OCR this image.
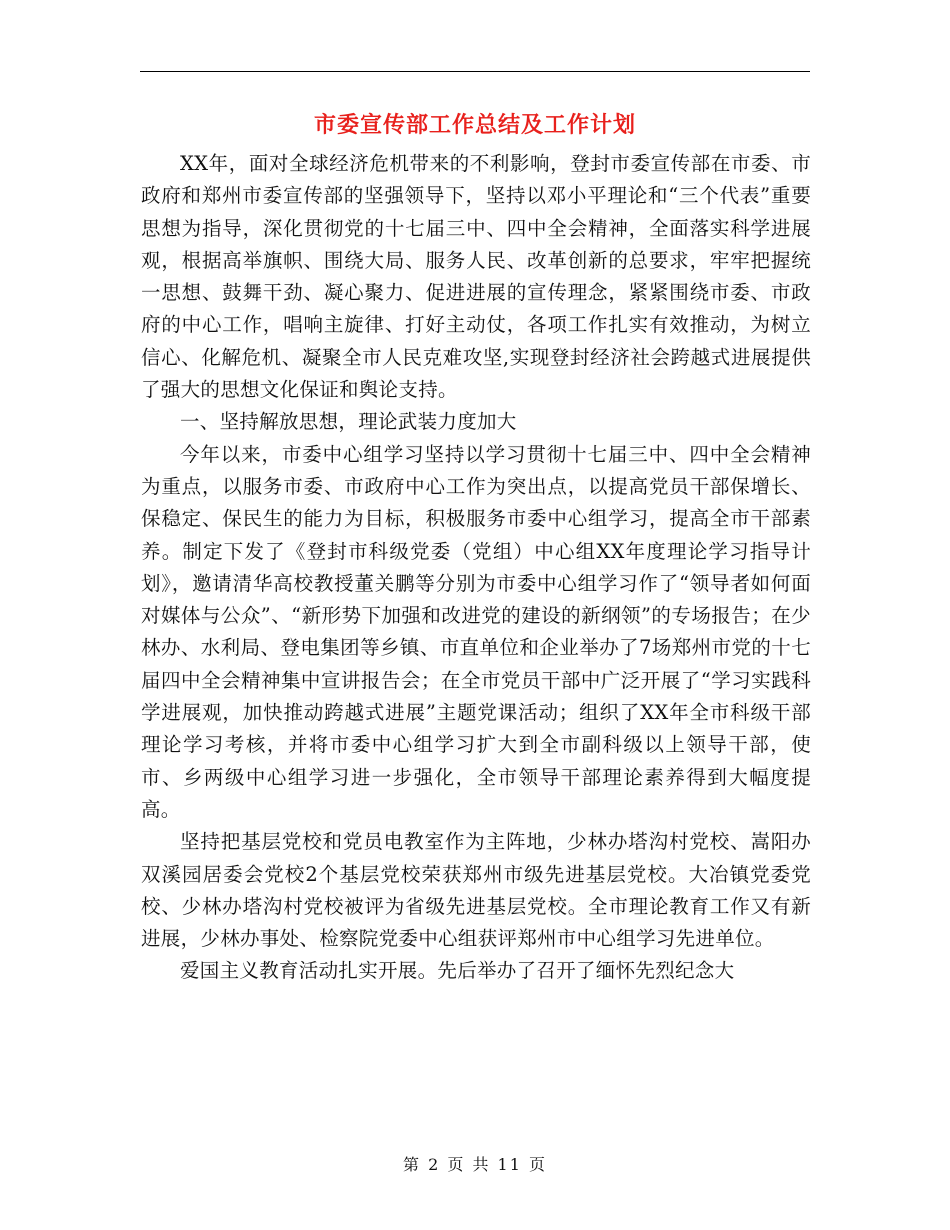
市委宣传部工作总结及工作计划

XX年，面对全球经济危机带来的不利影响，登封市委宣传部在市委、市政府和郑州市委宣传部的坚强领导下，坚持以邓小平理论和“三个代表”重要思想为指导，深化贯彻党的十七届三中、四中全会精神，全面落实科学进展观，根据高举旗帜、围绕大局、服务人民、改革创新的总要求，牢牢把握统一思想、鼓舞干劲、凝心聚力、促进进展的宣传理念，紧紧围绕市委、市政府的中心工作，唱响主旋律、打好主动仗，各项工作扎实有效推动，为树立信心、化解危机、凝聚全市人民克难攻坚,实现登封经济社会跨越式进展提供了强大的思想文化保证和舆论支持。

一、坚持解放思想，理论武装力度加大

今年以来，市委中心组学习坚持以学习贯彻十七届三中、四中全会精神为重点，以服务市委、市政府中心工作为突出点，以提高党员干部保增长、保稳定、保民生的能力为目标，积极服务市委中心组学习，提高全市干部素养。制定下发了《登封市科级党委（党组）中心组XX年度理论学习指导计划》，邀请清华高校教授董关鹏等分别为市委中心组学习作了“领导者如何面对媒体与公众”、“新形势下加强和改进党的建设的新纲领”的专场报告；在少林办、水利局、登电集团等乡镇、市直单位和企业举办了7场郑州市党的十七届四中全会精神集中宣讲报告会；在全市党员干部中广泛开展了“学习实践科学进展观，加快推动跨越式进展”主题党课活动；组织了XX年全市科级干部理论学习考核，并将市委中心组学习扩大到全市副科级以上领导干部，使市、乡两级中心组学习进一步强化，全市领导干部理论素养得到大幅度提高。

坚持把基层党校和党员电教室作为主阵地，少林办塔沟村党校、嵩阳办双溪园居委会党校2个基层党校荣获郑州市级先进基层党校。大冶镇党委党校、少林办塔沟村党校被评为省级先进基层党校。全市理论教育工作又有新进展，少林办事处、检察院党委中心组获评郑州市中心组学习先进单位。

爱国主义教育活动扎实开展。先后举办了召开了缅怀先烈纪念大

第 2 页 共 11 页
